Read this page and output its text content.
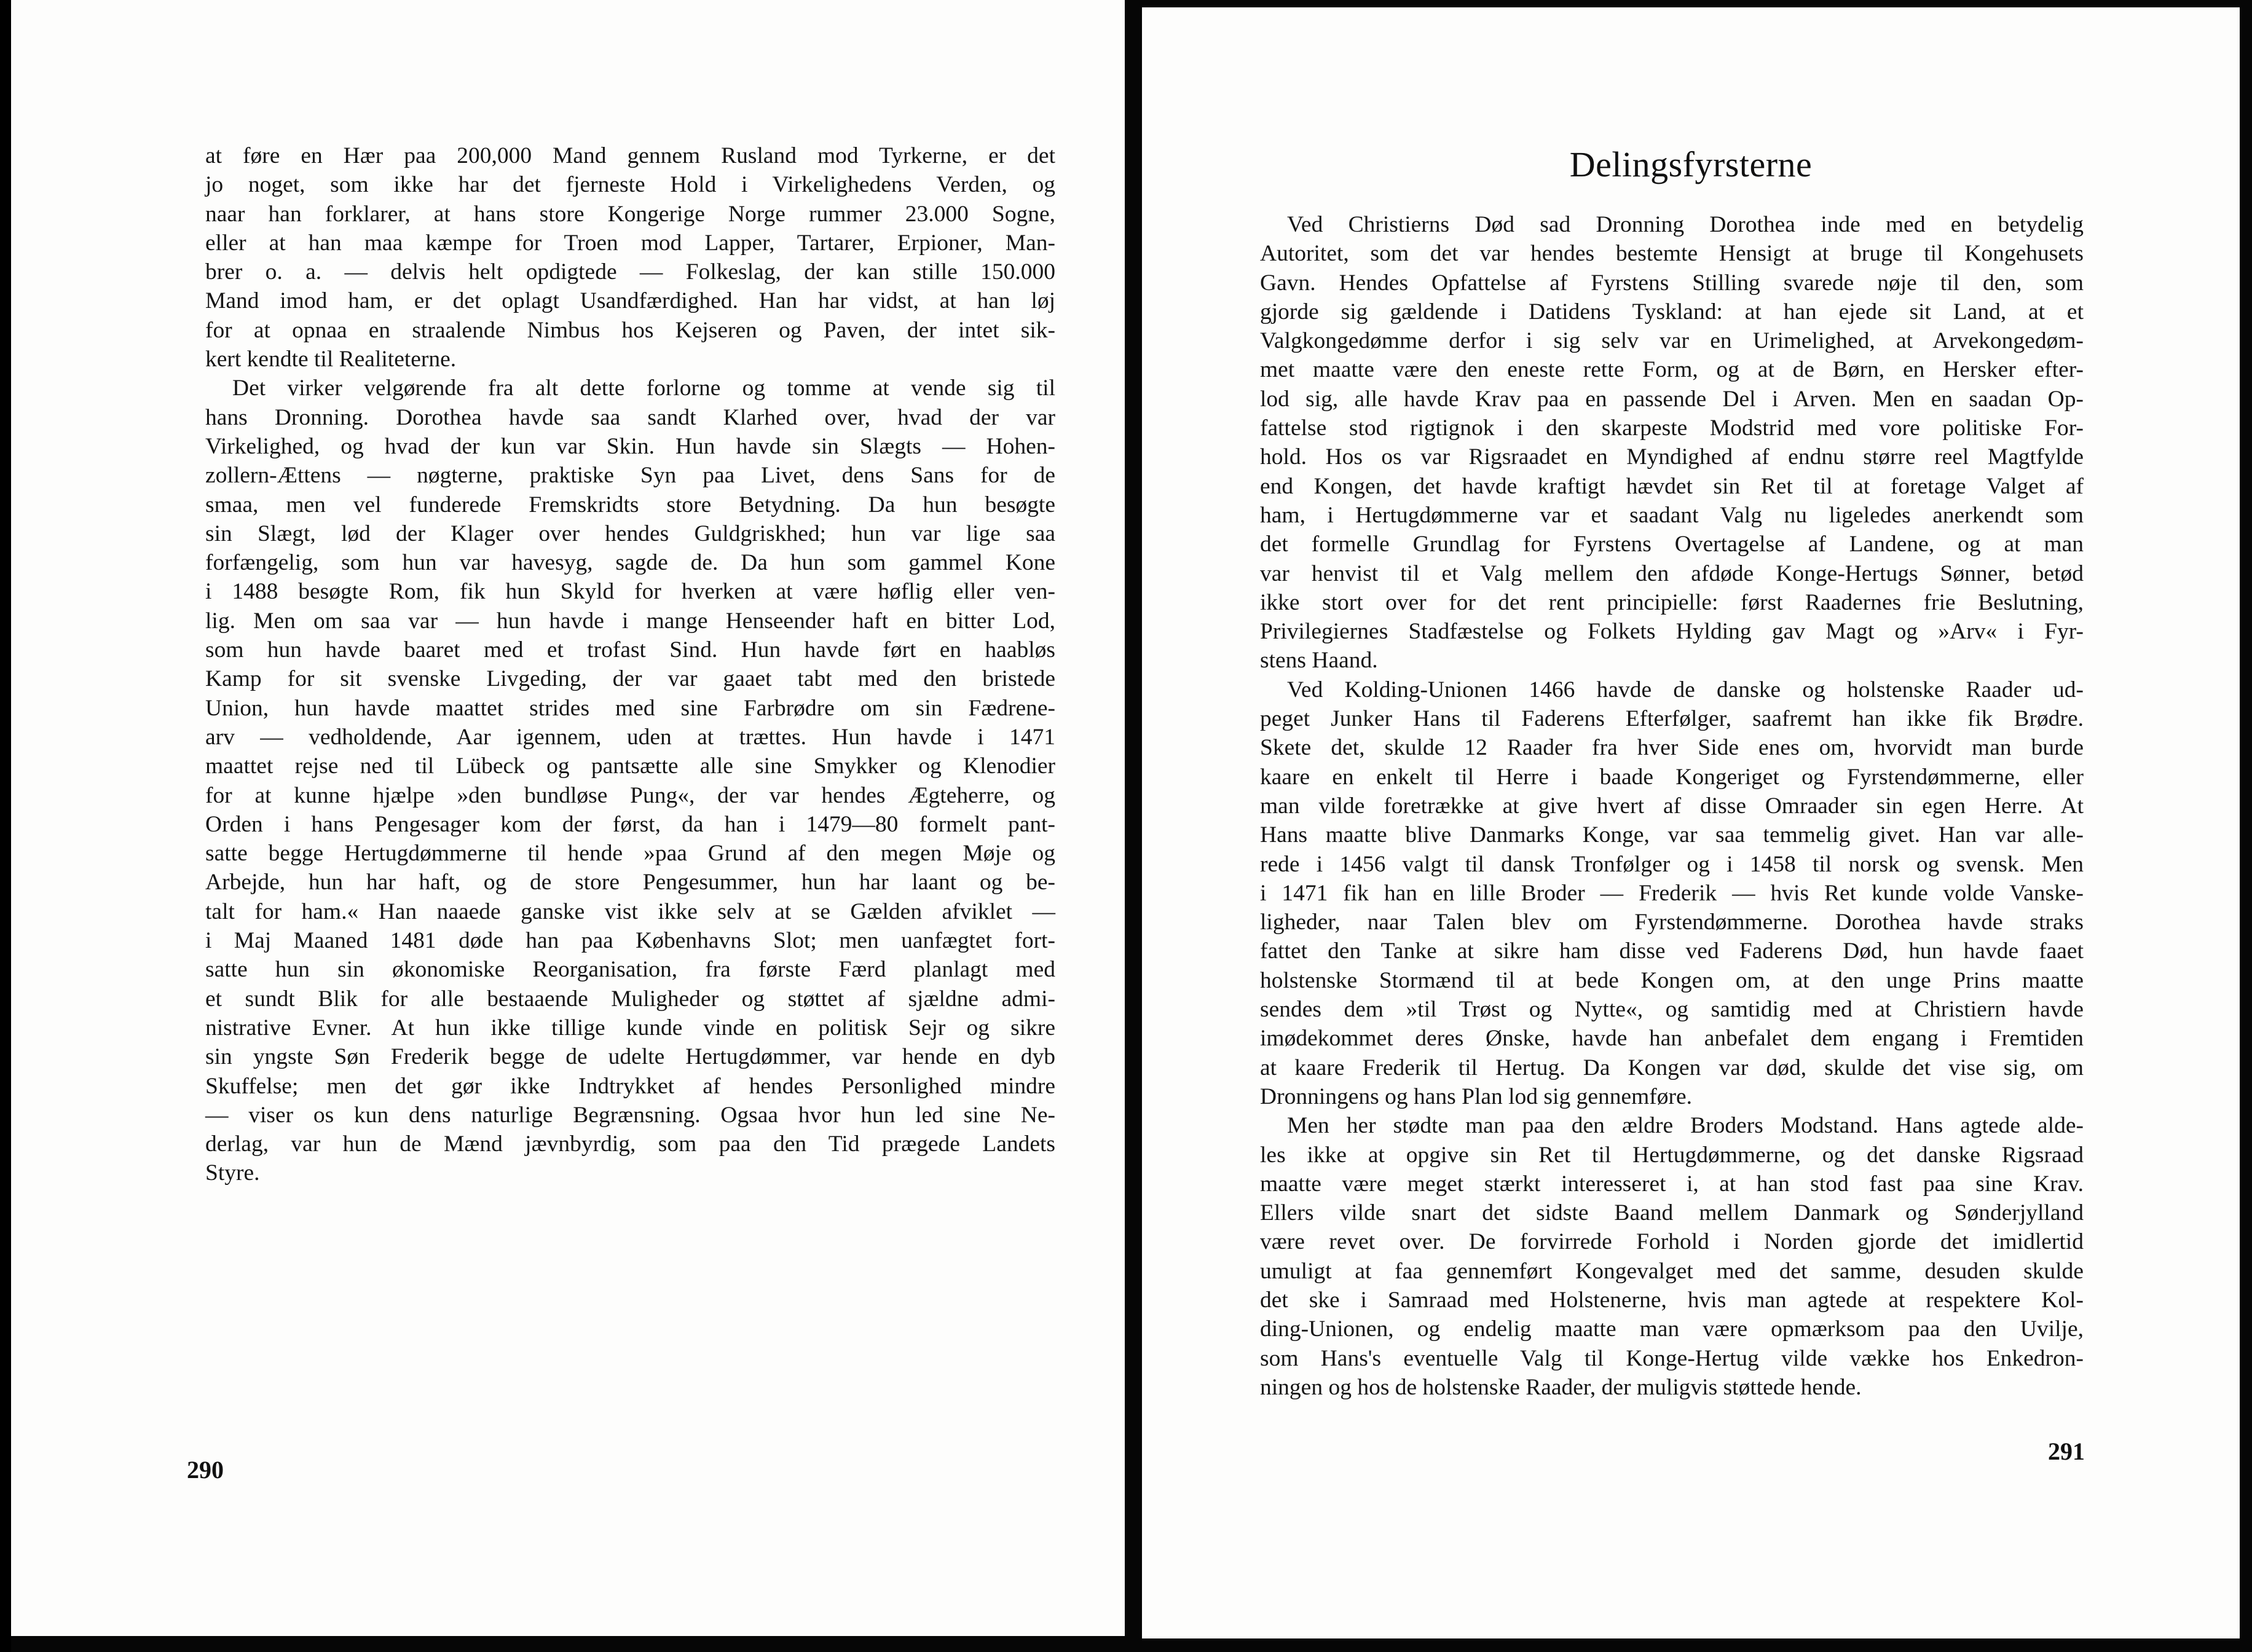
at føre en Hær paa 200,000 Mand gennem Rusland mod Tyrkerne, er det
jo noget, som ikke har det fjerneste Hold i Virkelighedens Verden, og
naar han forklarer, at hans store Kongerige Norge rummer 23.000 Sogne,
eller at han maa kæmpe for Troen mod Lapper, Tartarer, Erpioner, Man-
brer o. a. — delvis helt opdigtede — Folkeslag, der kan stille 150.000
Mand imod ham, er det oplagt Usandfærdighed. Han har vidst, at han løj
for at opnaa en straalende Nimbus hos Kejseren og Paven, der intet sik-
kert kendte til Realiteterne.

Det virker velgørende fra alt dette forlorne og tomme at vende sig til
hans Dronning. Dorothea havde saa sandt Klarhed over, hvad der var
Virkelighed, og hvad der kun var Skin. Hun havde sin Slægts — Hohen-
zollern-Ættens — nøgterne, praktiske Syn paa Livet, dens Sans for de
smaa, men vel funderede Fremskridts store Betydning. Da hun besøgte
sin Slægt, lød der Klager over hendes Guldgriskhed; hun var lige saa
forfængelig, som hun var havesyg, sagde de. Da hun som gammel Kone
i 1488 besøgte Rom, fik hun Skyld for hverken at være høflig eller ven-
lig. Men om saa var — hun havde i mange Henseender haft en bitter Lod,
som hun havde baaret med et trofast Sind. Hun havde ført en haabløs
Kamp for sit svenske Livgeding, der var gaaet tabt med den bristede
Union, hun havde maattet strides med sine Farbrødre om sin Fædrene-
arv — vedholdende, Aar igennem, uden at trættes. Hun havde i 1471
maattet rejse ned til Lübeck og pantsætte alle sine Smykker og Klenodier
for at kunne hjælpe »den bundløse Pung«, der var hendes Ægteherre, og
Orden i hans Pengesager kom der først, da han i 1479—80 formelt pant-
satte begge Hertugdømmerne til hende »paa Grund af den megen Møje og
Arbejde, hun har haft, og de store Pengesummer, hun har laant og be-
talt for ham.« Han naaede ganske vist ikke selv at se Gælden afviklet —
i Maj Maaned 1481 døde han paa Københavns Slot; men uanfægtet fort-
satte hun sin økonomiske Reorganisation, fra første Færd planlagt med
et sundt Blik for alle bestaaende Muligheder og støttet af sjældne admi-
nistrative Evner. At hun ikke tillige kunde vinde en politisk Sejr og sikre
sin yngste Søn Frederik begge de udelte Hertugdømmer, var hende en dyb
Skuffelse; men det gør ikke Indtrykket af hendes Personlighed mindre
— viser os kun dens naturlige Begrænsning. Ogsaa hvor hun led sine Ne-
derlag, var hun de Mænd jævnbyrdig, som paa den Tid prægede Landets
Styre.

290
Delingsfyrsterne

Ved Christierns Død sad Dronning Dorothea inde med en betydelig
Autoritet, som det var hendes bestemte Hensigt at bruge til Kongehusets
Gavn. Hendes Opfattelse af Fyrstens Stilling svarede nøje til den, som
gjorde sig gældende i Datidens Tyskland: at han ejede sit Land, at et
Valgkongedømme derfor i sig selv var en Urimelighed, at Arvekongedøm-
met maatte være den eneste rette Form, og at de Børn, en Hersker efter-
lod sig, alle havde Krav paa en passende Del i Arven. Men en saadan Op-
fattelse stod rigtignok i den skarpeste Modstrid med vore politiske For-
hold. Hos os var Rigsraadet en Myndighed af endnu større reel Magtfylde
end Kongen, det havde kraftigt hævdet sin Ret til at foretage Valget af
ham, i Hertugdømmerne var et saadant Valg nu ligeledes anerkendt som
det formelle Grundlag for Fyrstens Overtagelse af Landene, og at man
var henvist til et Valg mellem den afdøde Konge-Hertugs Sønner, betød
ikke stort over for det rent principielle: først Raadernes frie Beslutning,
Privilegiernes Stadfæstelse og Folkets Hylding gav Magt og »Arv« i Fyr-
stens Haand.

Ved Kolding-Unionen 1466 havde de danske og holstenske Raader ud-
peget Junker Hans til Faderens Efterfølger, saafremt han ikke fik Brødre.
Skete det, skulde 12 Raader fra hver Side enes om, hvorvidt man burde
kaare en enkelt til Herre i baade Kongeriget og Fyrstendømmerne, eller
man vilde foretrække at give hvert af disse Omraader sin egen Herre. At
Hans maatte blive Danmarks Konge, var saa temmelig givet. Han var alle-
rede i 1456 valgt til dansk Tronfølger og i 1458 til norsk og svensk. Men
i 1471 fik han en lille Broder — Frederik — hvis Ret kunde volde Vanske-
ligheder, naar Talen blev om Fyrstendømmerne. Dorothea havde straks
fattet den Tanke at sikre ham disse ved Faderens Død, hun havde faaet
holstenske Stormænd til at bede Kongen om, at den unge Prins maatte
sendes dem »til Trøst og Nytte«, og samtidig med at Christiern havde
imødekommet deres Ønske, havde han anbefalet dem engang i Fremtiden
at kaare Frederik til Hertug. Da Kongen var død, skulde det vise sig, om
Dronningens og hans Plan lod sig gennemføre.

Men her stødte man paa den ældre Broders Modstand. Hans agtede alde-
les ikke at opgive sin Ret til Hertugdømmerne, og det danske Rigsraad
maatte være meget stærkt interesseret i, at han stod fast paa sine Krav.
Ellers vilde snart det sidste Baand mellem Danmark og Sønderjylland
være revet over. De forvirrede Forhold i Norden gjorde det imidlertid
umuligt at faa gennemført Kongevalget med det samme, desuden skulde
det ske i Samraad med Holstenerne, hvis man agtede at respektere Kol-
ding-Unionen, og endelig maatte man være opmærksom paa den Uvilje,
som Hans's eventuelle Valg til Konge-Hertug vilde vække hos Enkedron-
ningen og hos de holstenske Raader, der muligvis støttede hende.

291
